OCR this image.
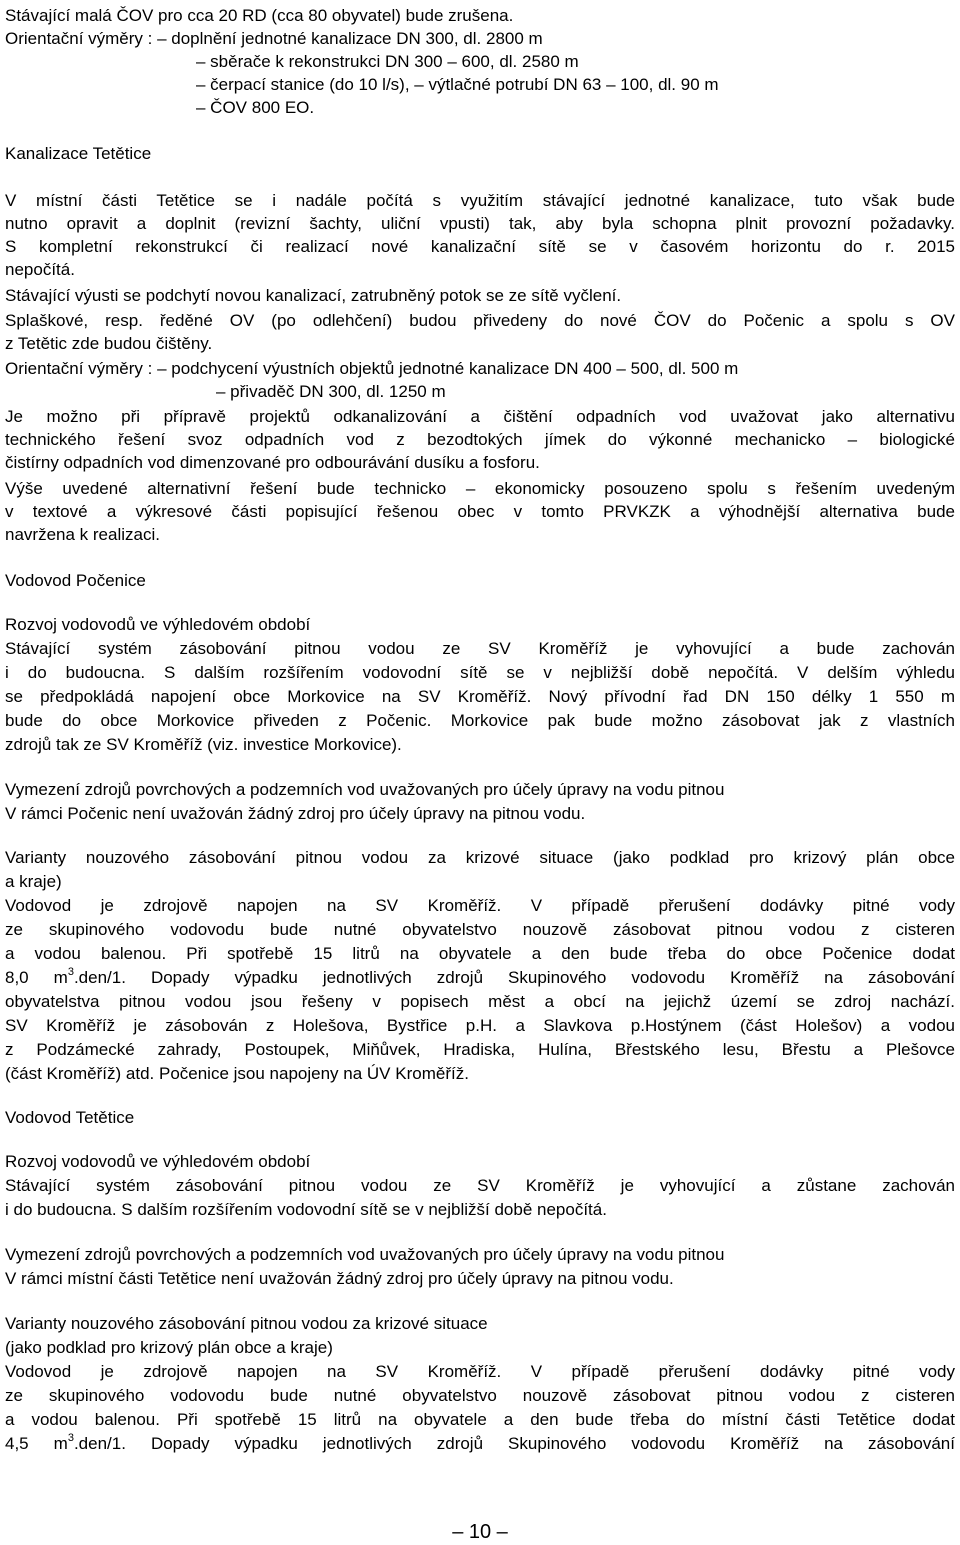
Stávající malá ČOV pro cca 20 RD (cca 80 obyvatel) bude zrušena.
Orientační výměry : – doplnění jednotné kanalizace DN 300, dl. 2800 m
– sběrače k rekonstrukci DN 300 – 600, dl. 2580 m
– čerpací stanice (do 10 l/s), – výtlačné potrubí DN 63 – 100, dl. 90 m
– ČOV 800 EO.
Kanalizace Tetětice
V místní části Tetětice se i nadále počítá s využitím stávající jednotné kanalizace, tuto však bude
nutno opravit a doplnit (revizní šachty, uliční vpusti) tak, aby byla schopna plnit provozní požadavky.
S kompletní rekonstrukcí či realizací nové kanalizační sítě se v časovém horizontu do r. 2015
nepočítá.
Stávající výusti se podchytí novou kanalizací, zatrubněný potok se ze sítě vyčlení.
Splaškové, resp. ředěné OV (po odlehčení) budou přivedeny do nové ČOV do Počenic a spolu s OV
z Tetětic zde budou čištěny.
Orientační výměry : – podchycení výustních objektů jednotné kanalizace DN 400 – 500, dl. 500 m
– přivaděč DN 300, dl. 1250 m
Je možno při přípravě projektů odkanalizování a čištění odpadních vod uvažovat jako alternativu
technického řešení svoz odpadních vod z bezodtokých jímek do výkonné mechanicko – biologické
čistírny odpadních vod dimenzované pro odbourávání dusíku a fosforu.
Výše uvedené alternativní řešení bude technicko – ekonomicky posouzeno spolu s řešením uvedeným
v textové a výkresové části popisující řešenou obec v tomto PRVKZK a výhodnější alternativa bude
navržena k realizaci.
Vodovod Počenice
Rozvoj vodovodů ve výhledovém období
Stávající systém zásobování pitnou vodou ze SV Kroměříž je vyhovující a bude zachován
i do budoucna. S dalším rozšířením vodovodní sítě se v nejbližší době nepočítá. V delším výhledu
se předpokládá napojení obce Morkovice na SV Kroměříž. Nový přívodní řad DN 150 délky 1 550 m
bude do obce Morkovice přiveden z Počenic. Morkovice pak bude možno zásobovat jak z vlastních
zdrojů tak ze SV Kroměříž (viz. investice Morkovice).
Vymezení zdrojů povrchových a podzemních vod uvažovaných pro účely úpravy na vodu pitnou
V rámci Počenic není uvažován žádný zdroj pro účely úpravy na pitnou vodu.
Varianty nouzového zásobování pitnou vodou za krizové situace (jako podklad pro krizový plán obce
a kraje)
Vodovod je zdrojově napojen na SV Kroměříž. V případě přerušení dodávky pitné vody
ze skupinového vodovodu bude nutné obyvatelstvo nouzově zásobovat pitnou vodou z cisteren
a vodou balenou. Při spotřebě 15 litrů na obyvatele a den bude třeba do obce Počenice dodat
8,0 $m^3.den/1$. Dopady výpadku jednotlivých zdrojů Skupinového vodovodu Kroměříž na zásobování
obyvatelstva pitnou vodou jsou řešeny v popisech měst a obcí na jejichž území se zdroj nachází.
SV Kroměříž je zásobován z Holešova, Bystřice p.H. a Slavkova p.Hostýnem (část Holešov) a vodou
z Podzámecké zahrady, Postoupek, Miňůvek, Hradiska, Hulína, Břestského lesu, Břestu a Plešovce
(část Kroměříž) atd. Počenice jsou napojeny na ÚV Kroměříž.
Vodovod Tetětice
Rozvoj vodovodů ve výhledovém období
Stávající systém zásobování pitnou vodou ze SV Kroměříž je vyhovující a zůstane zachován
i do budoucna. S dalším rozšířením vodovodní sítě se v nejbližší době nepočítá.
Vymezení zdrojů povrchových a podzemních vod uvažovaných pro účely úpravy na vodu pitnou
V rámci místní části Tetětice není uvažován žádný zdroj pro účely úpravy na pitnou vodu.
Varianty nouzového zásobování pitnou vodou za krizové situace
(jako podklad pro krizový plán obce a kraje)
Vodovod je zdrojově napojen na SV Kroměříž. V případě přerušení dodávky pitné vody
ze skupinového vodovodu bude nutné obyvatelstvo nouzově zásobovat pitnou vodou z cisteren
a vodou balenou. Při spotřebě 15 litrů na obyvatele a den bude třeba do místní části Tetětice dodat
4,5 $m^3.den/1$. Dopady výpadku jednotlivých zdrojů Skupinového vodovodu Kroměříž na zásobování
– 10 –
